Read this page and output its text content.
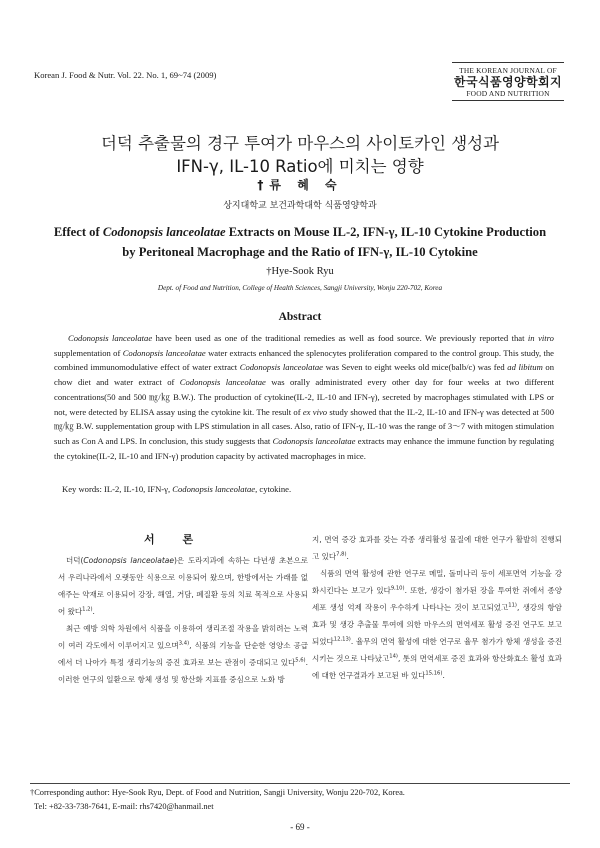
Korean J. Food & Nutr. Vol. 22. No. 1, 69~74 (2009)	THE KOREAN JOURNAL OF
한국식품영양학회지
FOOD AND NUTRITION
더덕 추출물의 경구 투여가 마우스의 사이토카인 생성과
IFN-γ, IL-10 Ratio에 미치는 영향
†류 혜 숙
상지대학교 보건과학대학 식품영양학과
Effect of Codonopsis lanceolatae Extracts on Mouse IL-2, IFN-γ, IL-10 Cytokine Production
by Peritoneal Macrophage and the Ratio of IFN-γ, IL-10 Cytokine
†Hye-Sook Ryu
Dept. of Food and Nutrition, College of Health Sciences, Sangji University, Wonju 220-702, Korea
Abstract

Codonopsis lanceolatae have been used as one of the traditional remedies as well as food source. We previously reported that in vitro supplementation of Codonopsis lanceolatae water extracts enhanced the splenocytes proliferation compared to the control group. This study, the combined immunomodulative effect of water extract Codonopsis lanceolatae was Seven to eight weeks old mice(balb/c) was fed ad libitum on chow diet and water extract of Codonopsis lanceolatae was orally administrated every other day for four weeks at two different concentrations(50 and 500 ㎎/㎏ B.W.). The production of cytokine(IL-2, IL-10 and IFN-γ), secreted by macrophages stimulated with LPS or not, were detected by ELISA assay using the cytokine kit. The result of ex vivo study showed that the IL-2, IL-10 and IFN-γ was detected at 500 ㎎/㎏ B.W. supplementation group with LPS stimulation in all cases. Also, ratio of IFN-γ, IL-10 was the range of 3～7 with mitogen stimulation such as Con A and LPS. In conclusion, this study suggests that Codonopsis lanceolatae extracts may enhance the immune function by regulating the cytokine(IL-2, IL-10 and IFN-γ) prodution capacity by activated macrophages in mice.

Key words: IL-2, IL-10, IFN-γ, Codonopsis lanceolatae, cytokine.
서 론

더덕(Codonopsis lanceolatae)은 도라지과에 속하는 다년생 초본으로서 우리나라에서 오랫동안 식용으로 이용되어 왔으며, 한방에서는 가래를 없애주는 약재로 이용되어 강장, 해열, 거담, 폐질환 등의 치료 목적으로 사용되어 왔다$^{1,2)}$.

최근 예방 의학 차원에서 식품을 이용하여 생리조절 작용을 밝히려는 노력이 여러 각도에서 이루어지고 있으며$^{3,4)}$, 식품의 기능을 단순한 영양소 공급에서 더 나아가 특정 생리기능의 증진 효과로 보는 관점이 증대되고 있다$^{5,6)}$. 이러한 연구의 일환으로 항체 생성 및 항산화 지표를 중심으로 노화 방

지, 면역 증강 효과를 갖는 각종 생리활성 물질에 대한 연구가 활발히 진행되고 있다$^{7,8)}$.

식품의 면역 활성에 관한 연구로 메밀, 돌미나리 등이 세포면역 기능을 강화시킨다는 보고가 있다$^{9,10)}$. 또한, 생강이 첨가된 장을 투여한 쥐에서 종양세포 생성 억제 작용이 우수하게 나타나는 것이 보고되었고$^{11)}$, 생강의 항암 효과 및 생강 추출물 투여에 의한 마우스의 면역세포 활성 증진 연구도 보고되었다$^{12,13)}$. 율무의 면역 활성에 대한 연구로 율무 첨가가 항체 생성을 증진시키는 것으로 나타났고$^{14)}$, 톳의 면역세포 증진 효과와 항산화효소 활성 효과에 대한 연구결과가 보고된 바 있다$^{15,16)}$.

†Corresponding author: Hye-Sook Ryu, Dept. of Food and Nutrition, Sangji University, Wonju 220-702, Korea.
Tel: +82-33-738-7641, E-mail: rhs7420@hanmail.net
- 69 -
